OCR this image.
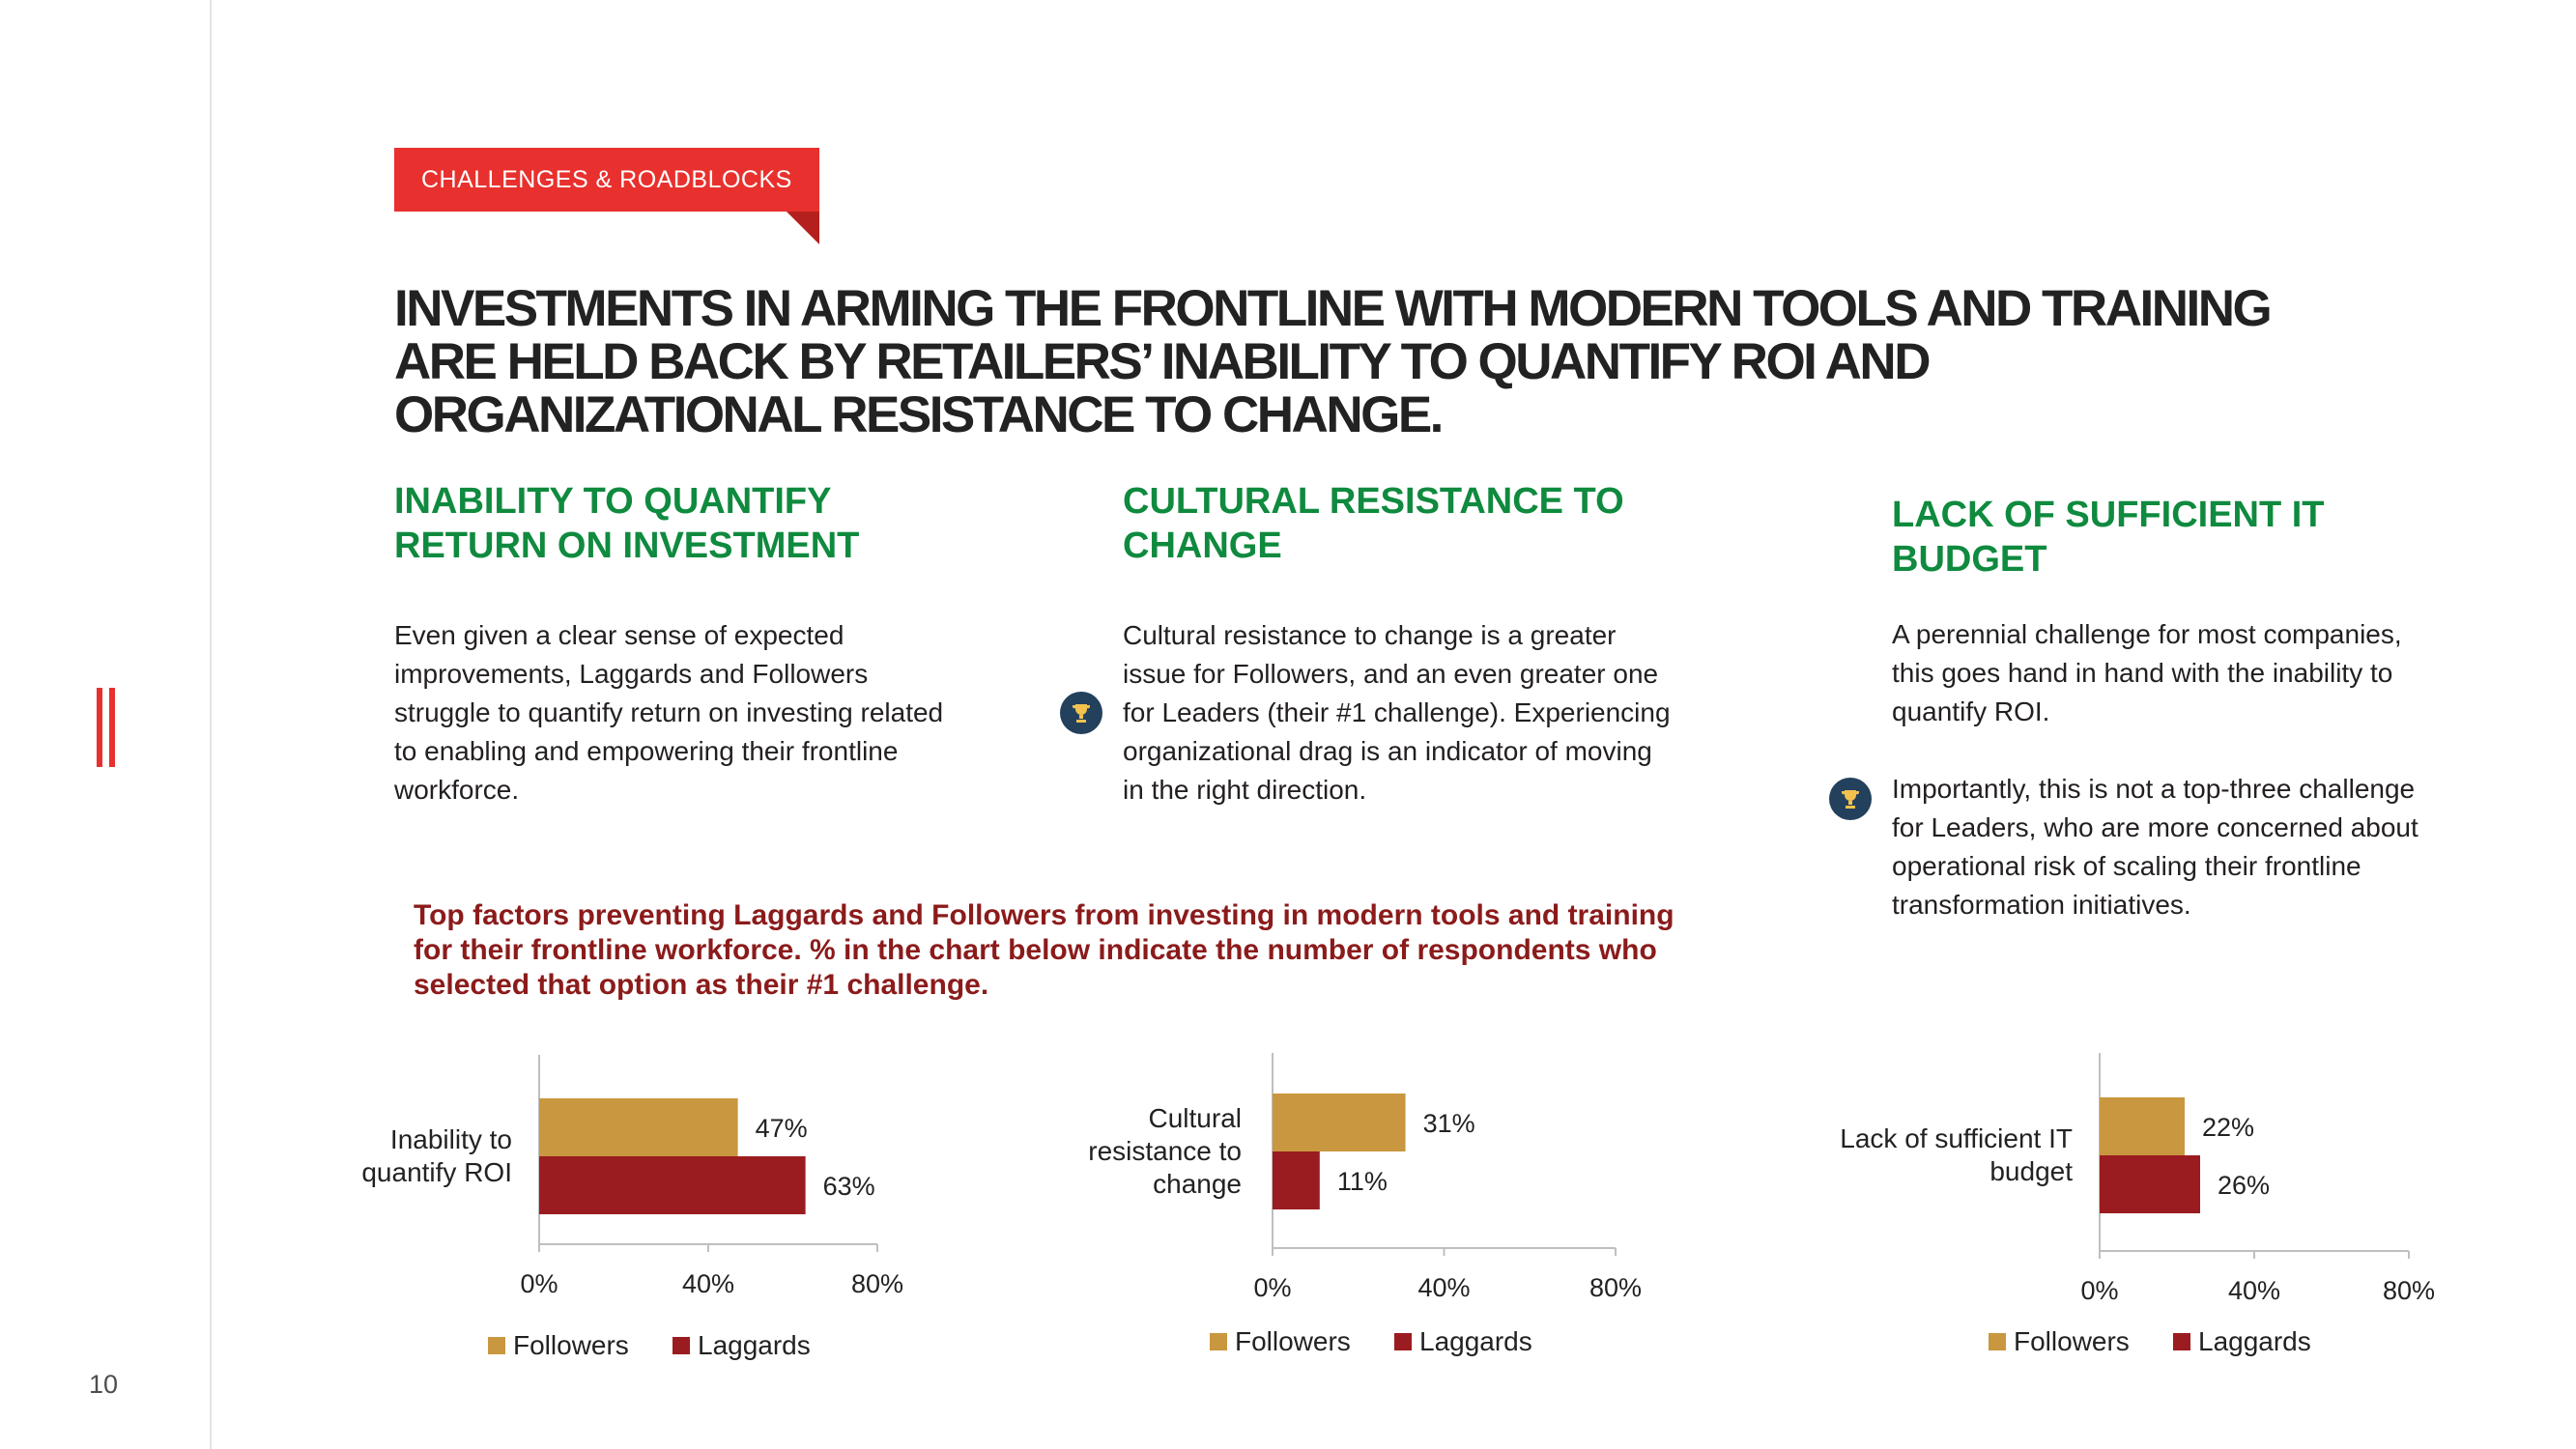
10
CHALLENGES & ROADBLOCKS
INVESTMENTS IN ARMING THE FRONTLINE WITH MODERN TOOLS AND TRAINING ARE HELD BACK BY RETAILERS’ INABILITY TO QUANTIFY ROI AND ORGANIZATIONAL RESISTANCE TO CHANGE.
INABILITY TO QUANTIFY RETURN ON INVESTMENT

Even given a clear sense of expected improvements, Laggards and Followers struggle to quantify return on investing related to enabling and empowering their frontline workforce.

CULTURAL RESISTANCE TO CHANGE

Cultural resistance to change is a greater issue for Followers, and an even greater one for Leaders (their #1 challenge). Experiencing organizational drag is an indicator of moving in the right direction.

LACK OF SUFFICIENT IT BUDGET

A perennial challenge for most companies, this goes hand in hand with the inability to quantify ROI.

Importantly, this is not a top-three challenge for Leaders, who are more concerned about operational risk of scaling their frontline transformation initiatives.

Top factors preventing Laggards and Followers from investing in modern tools and training for their frontline workforce. % in the chart below indicate the number of respondents who selected that option as their #1 challenge.

0%	40%	80%
47%
63%
Inability to quantify ROI
Followers	Laggards
0%	40%	80%
31%
11%
Cultural resistance to change
Followers	Laggards
0%	40%	80%
22%
26%
Lack of sufficient IT budget
Followers	Laggards
